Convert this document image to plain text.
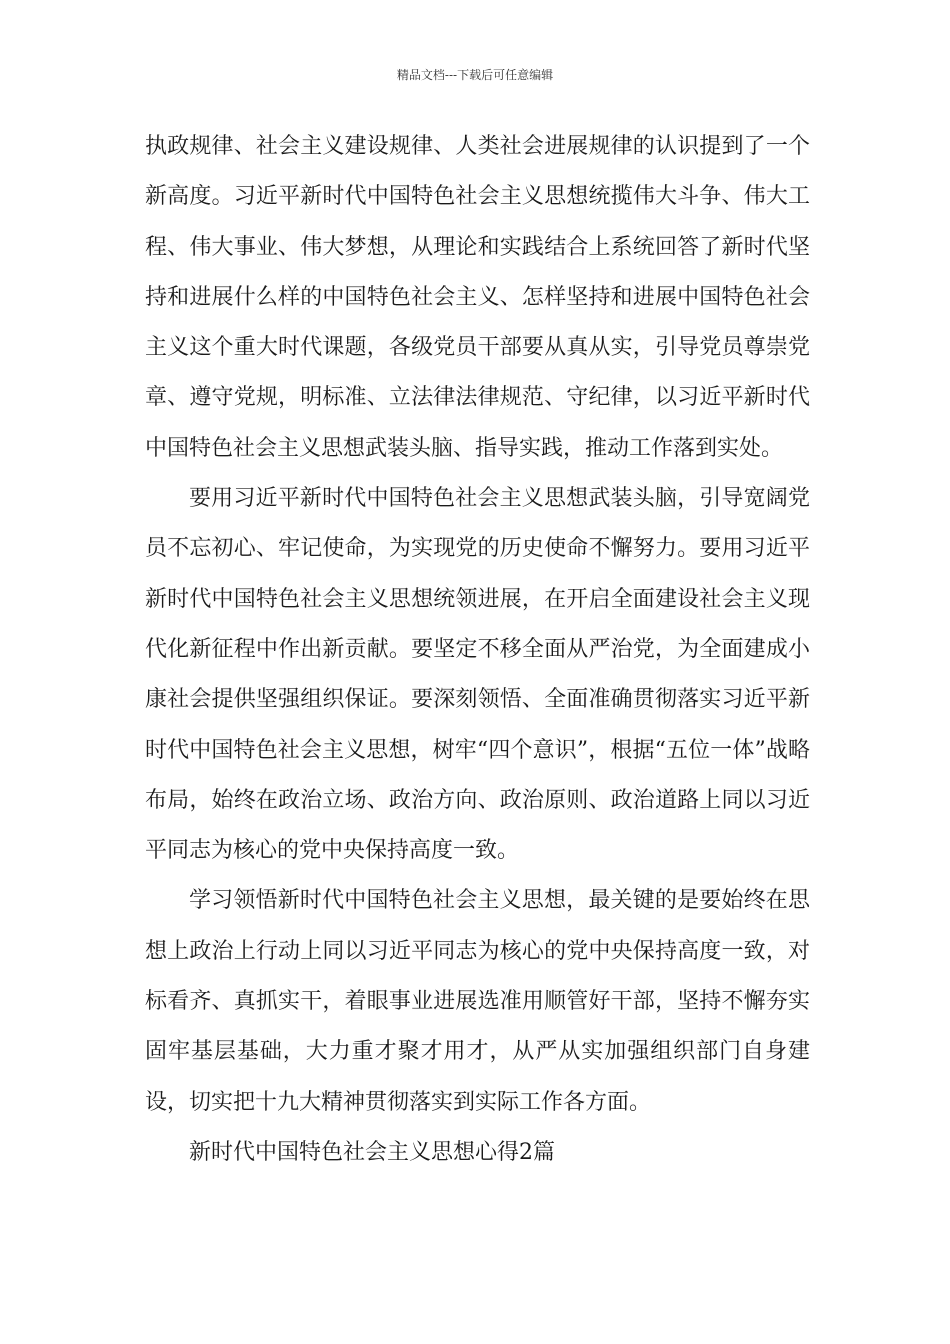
精品文档---下载后可任意编辑

执政规律、社会主义建设规律、人类社会进展规律的认识提到了一个新高度。习近平新时代中国特色社会主义思想统揽伟大斗争、伟大工程、伟大事业、伟大梦想，从理论和实践结合上系统回答了新时代坚持和进展什么样的中国特色社会主义、怎样坚持和进展中国特色社会主义这个重大时代课题，各级党员干部要从真从实，引导党员尊崇党章、遵守党规，明标准、立法律法律规范、守纪律，以习近平新时代中国特色社会主义思想武装头脑、指导实践，推动工作落到实处。

要用习近平新时代中国特色社会主义思想武装头脑，引导宽阔党员不忘初心、牢记使命，为实现党的历史使命不懈努力。要用习近平新时代中国特色社会主义思想统领进展，在开启全面建设社会主义现代化新征程中作出新贡献。要坚定不移全面从严治党，为全面建成小康社会提供坚强组织保证。要深刻领悟、全面准确贯彻落实习近平新时代中国特色社会主义思想，树牢“四个意识”，根据“五位一体”战略布局，始终在政治立场、政治方向、政治原则、政治道路上同以习近平同志为核心的党中央保持高度一致。

学习领悟新时代中国特色社会主义思想，最关键的是要始终在思想上政治上行动上同以习近平同志为核心的党中央保持高度一致，对标看齐、真抓实干，着眼事业进展选准用顺管好干部，坚持不懈夯实固牢基层基础，大力重才聚才用才，从严从实加强组织部门自身建设，切实把十九大精神贯彻落实到实际工作各方面。

新时代中国特色社会主义思想心得2篇
